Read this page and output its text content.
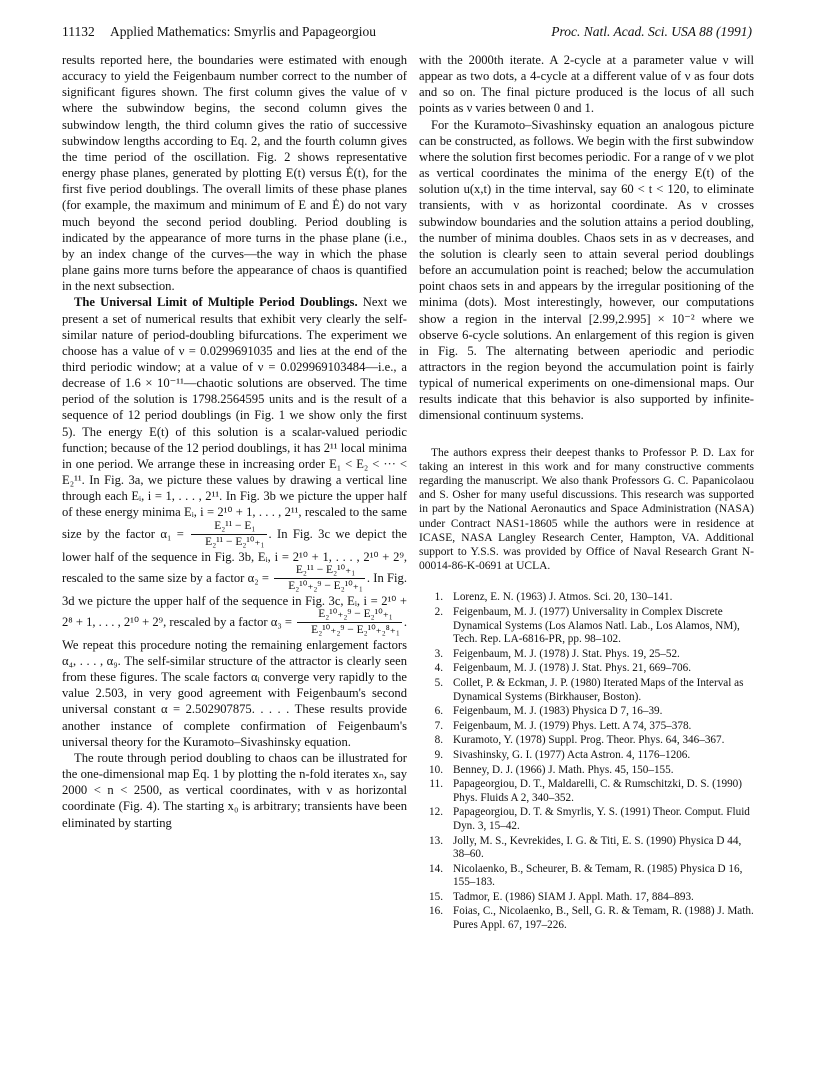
11132 Applied Mathematics: Smyrlis and Papageorgiou	Proc. Natl. Acad. Sci. USA 88 (1991)

results reported here, the boundaries were estimated with enough accuracy to yield the Feigenbaum number correct to the number of significant figures shown. The first column gives the value of ν where the subwindow begins, the second column gives the subwindow length, the third column gives the ratio of successive subwindow lengths according to Eq. 2, and the fourth column gives the time period of the oscillation. Fig. 2 shows representative energy phase planes, generated by plotting E(t) versus Ė(t), for the first five period doublings. The overall limits of these phase planes (for example, the maximum and minimum of E and Ė) do not vary much beyond the second period doubling. Period doubling is indicated by the appearance of more turns in the phase plane (i.e., by an index change of the curves—the way in which the phase plane gains more turns before the appearance of chaos is quantified in the next subsection.

The Universal Limit of Multiple Period Doublings. Next we present a set of numerical results that exhibit very clearly the self-similar nature of period-doubling bifurcations. The experiment we choose has a value of ν = 0.0299691035 and lies at the end of the third periodic window; at a value of ν = 0.029969103484—i.e., a decrease of 1.6 × 10⁻¹¹—chaotic solutions are observed. The time period of the solution is 1798.2564595 units and is the result of a sequence of 12 period doublings (in Fig. 1 we show only the first 5). The energy E(t) of this solution is a scalar-valued periodic function; because of the 12 period doublings, it has 2¹¹ local minima in one period. We arrange these in increasing order E₁ < E₂ < ··· < E₂¹¹. In Fig. 3a, we picture these values by drawing a vertical line through each Eᵢ, i = 1, . . . , 2¹¹. In Fig. 3b we picture the upper half of these energy minima Eᵢ, i = 2¹⁰ + 1, . . . , 2¹¹, rescaled to the same size by the factor $\alpha_1 = \frac{\text{E₂¹¹ − E₁}}{\text{E₂¹¹ − E₂¹⁰₊₁}}$ . In Fig. 3c we depict the lower half of the sequence in Fig. 3b, Eᵢ, i = 2¹⁰ + 1, . . . , 2¹⁰ + 2⁹, rescaled to the same size by a factor $\alpha_2 = \frac{\text{E₂¹¹ − E₂¹⁰₊₁}}{\text{E₂¹⁰₊₂⁹ − E₂¹⁰₊₁}}$ . In Fig. 3d we picture the upper half of the sequence in Fig. 3c, Eᵢ, i = 2¹⁰ + 2⁸ + 1, . . . , 2¹⁰ + 2⁹, rescaled by a factor $\alpha_3 = \frac{\text{E₂¹⁰₊₂⁹ − E₂¹⁰₊₁}}{\text{E₂¹⁰₊₂⁹ − E₂¹⁰₊₂⁸₊₁}}$ . We repeat this procedure noting the remaining enlargement factors α₄, . . . , α₉. The self-similar structure of the attractor is clearly seen from these figures. The scale factors αᵢ converge very rapidly to the value 2.503, in very good agreement with Feigenbaum's second universal constant α = 2.502907875. . . . . These results provide another instance of complete confirmation of Feigenbaum's universal theory for the Kuramoto–Sivashinsky equation.

The route through period doubling to chaos can be illustrated for the one-dimensional map Eq. 1 by plotting the n-fold iterates xₙ, say 2000 < n < 2500, as vertical coordinates, with ν as horizontal coordinate (Fig. 4). The starting x₀ is arbitrary; transients have been eliminated by starting

with the 2000th iterate. A 2-cycle at a parameter value ν will appear as two dots, a 4-cycle at a different value of ν as four dots and so on. The final picture produced is the locus of all such points as ν varies between 0 and 1.

For the Kuramoto–Sivashinsky equation an analogous picture can be constructed, as follows. We begin with the first subwindow where the solution first becomes periodic. For a range of ν we plot as vertical coordinates the minima of the energy E(t) of the solution u(x,t) in the time interval, say 60 < t < 120, to eliminate transients, with ν as horizontal coordinate. As ν crosses subwindow boundaries and the solution attains a period doubling, the number of minima doubles. Chaos sets in as ν decreases, and the solution is clearly seen to attain several period doublings before an accumulation point is reached; below the accumulation point chaos sets in and appears by the irregular positioning of the minima (dots). Most interestingly, however, our computations show a region in the interval [2.99,2.995] × 10⁻² where we observe 6-cycle solutions. An enlargement of this region is given in Fig. 5. The alternating between aperiodic and periodic attractors in the region beyond the accumulation point is fairly typical of numerical experiments on one-dimensional maps. Our results indicate that this behavior is also supported by infinite-dimensional continuum systems.

The authors express their deepest thanks to Professor P. D. Lax for taking an interest in this work and for many constructive comments regarding the manuscript. We also thank Professors G. C. Papanicolaou and S. Osher for many useful discussions. This research was supported in part by the National Aeronautics and Space Administration (NASA) under Contract NAS1-18605 while the authors were in residence at ICASE, NASA Langley Research Center, Hampton, VA. Additional support to Y.S.S. was provided by Office of Naval Research Grant N-00014-86-K-0691 at UCLA.

1. Lorenz, E. N. (1963) J. Atmos. Sci. 20, 130–141.
2. Feigenbaum, M. J. (1977) Universality in Complex Discrete Dynamical Systems (Los Alamos Natl. Lab., Los Alamos, NM), Tech. Rep. LA-6816-PR, pp. 98–102.
3. Feigenbaum, M. J. (1978) J. Stat. Phys. 19, 25–52.
4. Feigenbaum, M. J. (1978) J. Stat. Phys. 21, 669–706.
5. Collet, P. & Eckman, J. P. (1980) Iterated Maps of the Interval as Dynamical Systems (Birkhauser, Boston).
6. Feigenbaum, M. J. (1983) Physica D 7, 16–39.
7. Feigenbaum, M. J. (1979) Phys. Lett. A 74, 375–378.
8. Kuramoto, Y. (1978) Suppl. Prog. Theor. Phys. 64, 346–367.
9. Sivashinsky, G. I. (1977) Acta Astron. 4, 1176–1206.
10. Benney, D. J. (1966) J. Math. Phys. 45, 150–155.
11. Papageorgiou, D. T., Maldarelli, C. & Rumschitzki, D. S. (1990) Phys. Fluids A 2, 340–352.
12. Papageorgiou, D. T. & Smyrlis, Y. S. (1991) Theor. Comput. Fluid Dyn. 3, 15–42.
13. Jolly, M. S., Kevrekides, I. G. & Titi, E. S. (1990) Physica D 44, 38–60.
14. Nicolaenko, B., Scheurer, B. & Temam, R. (1985) Physica D 16, 155–183.
15. Tadmor, E. (1986) SIAM J. Appl. Math. 17, 884–893.
16. Foias, C., Nicolaenko, B., Sell, G. R. & Temam, R. (1988) J. Math. Pures Appl. 67, 197–226.
